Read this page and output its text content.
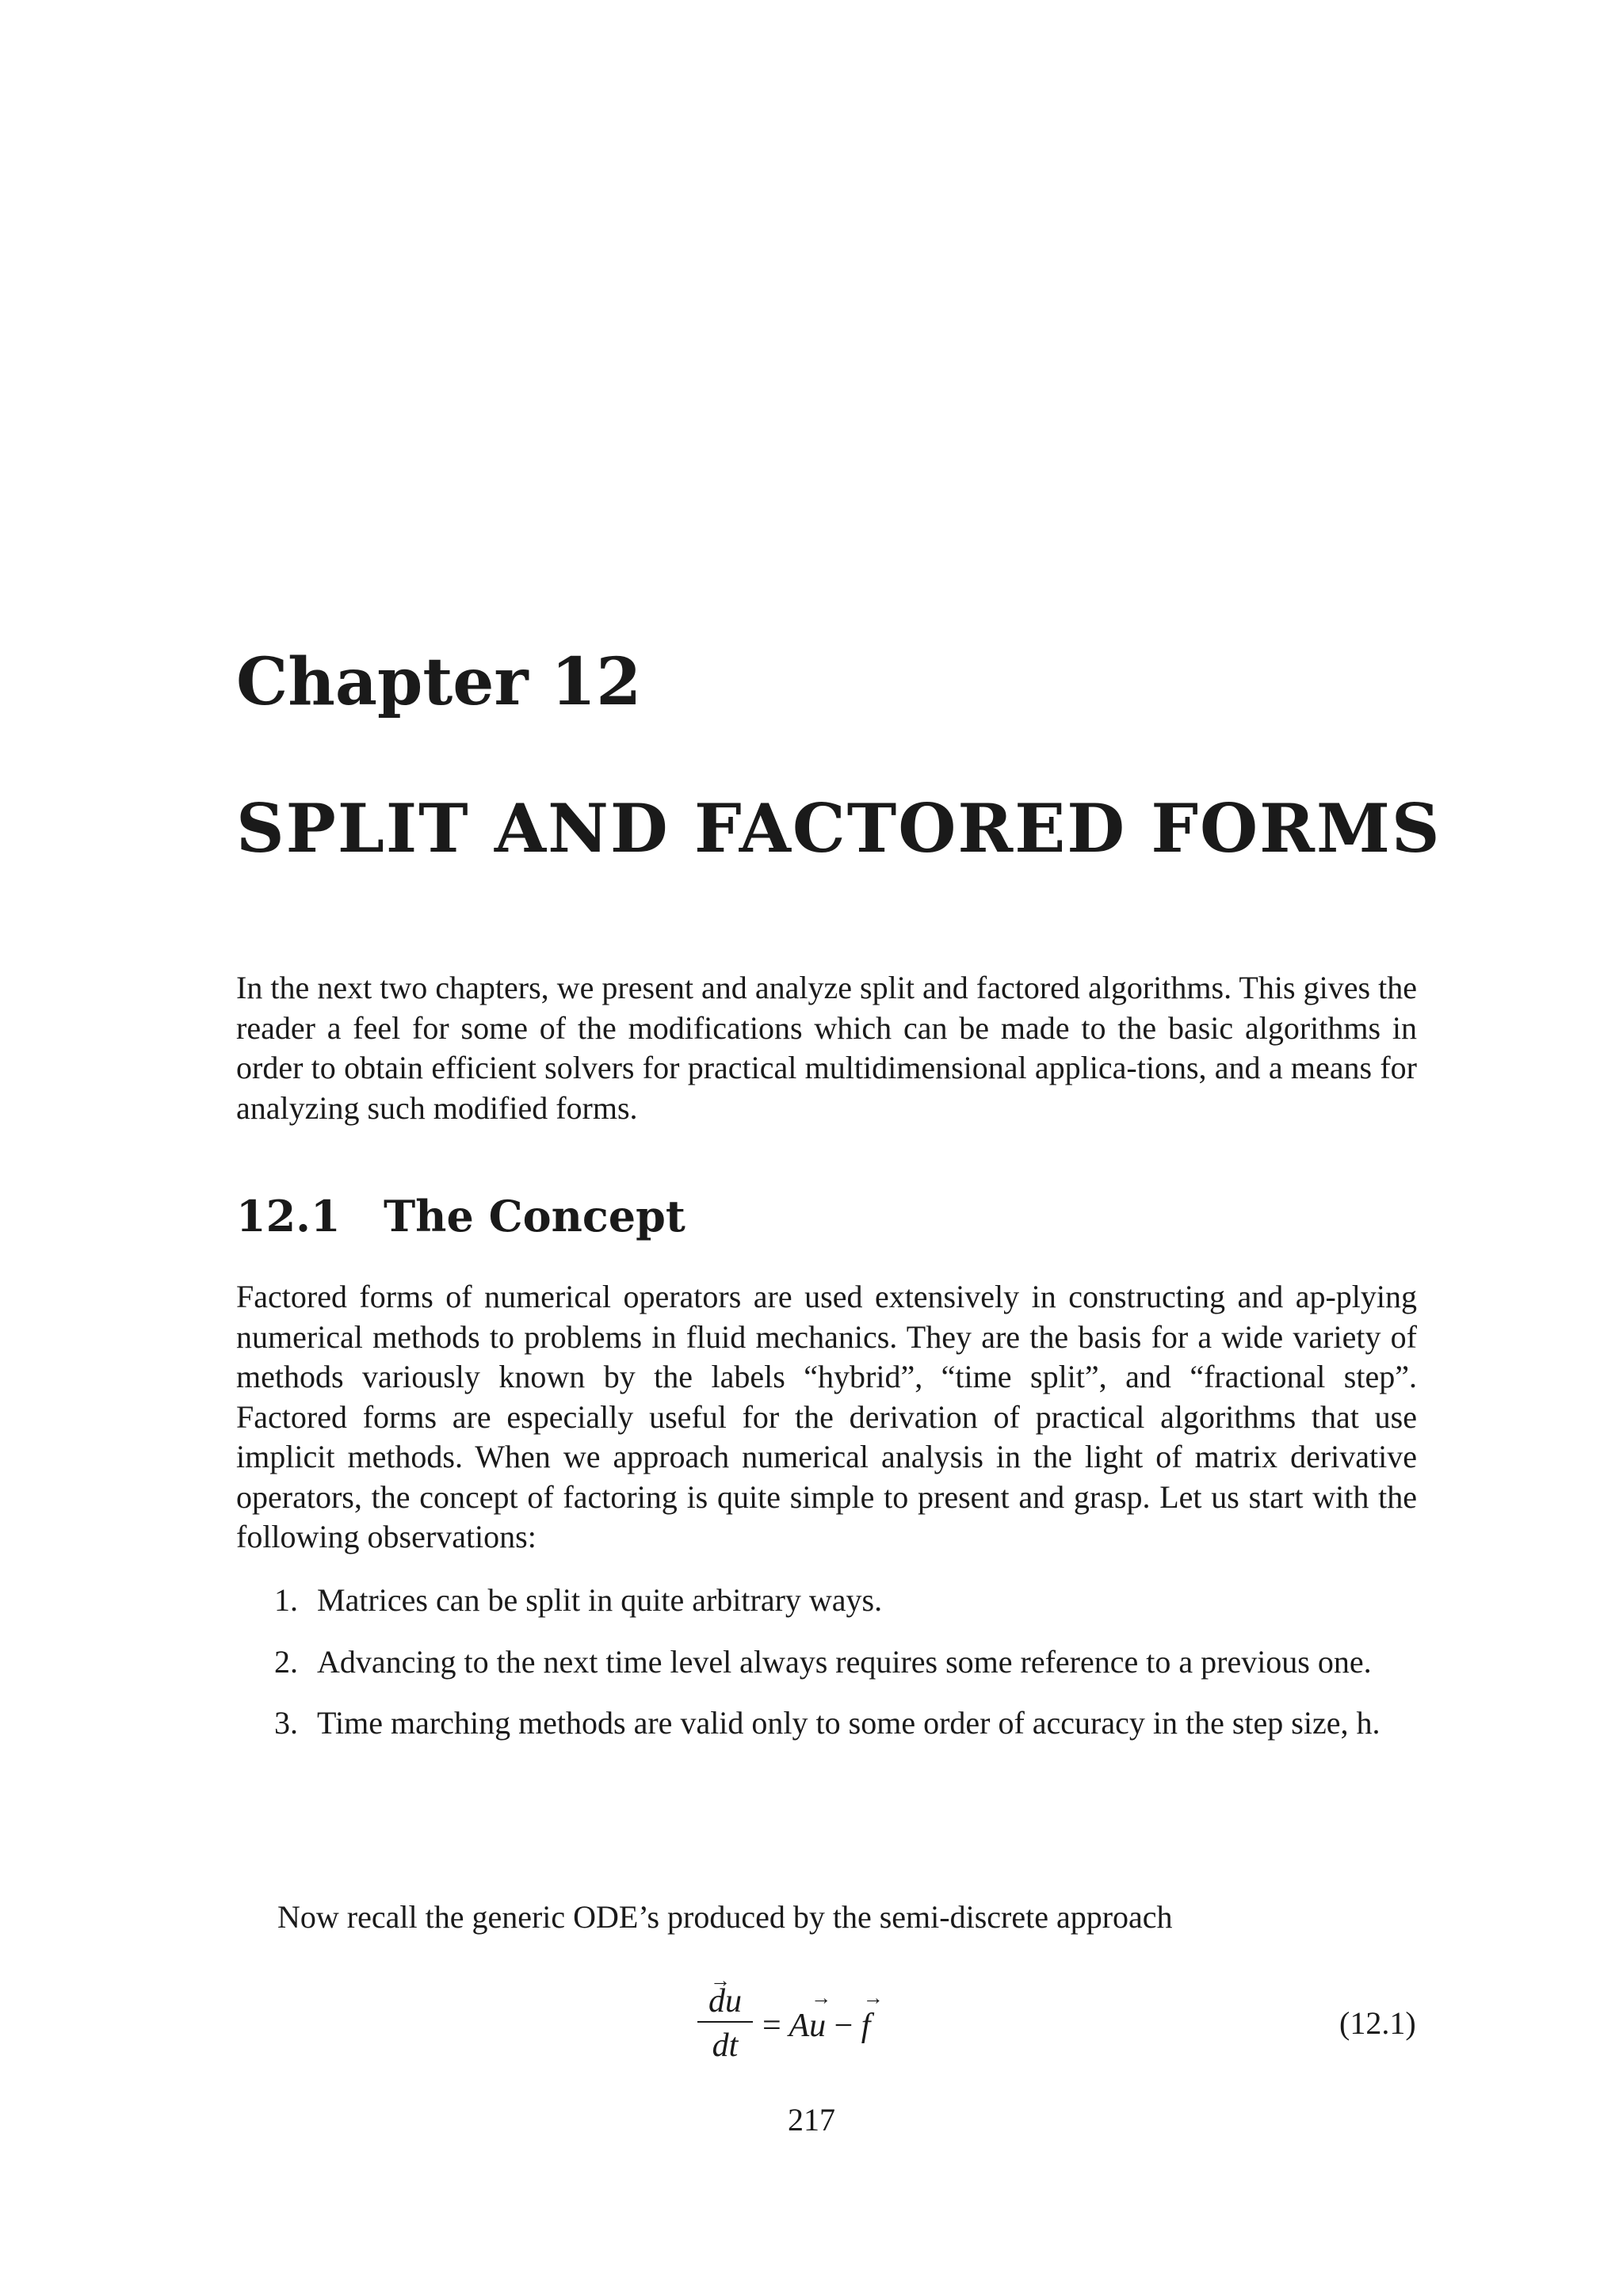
Chapter 12
SPLIT AND FACTORED FORMS

In the next two chapters, we present and analyze split and factored algorithms. This gives the reader a feel for some of the modifications which can be made to the basic algorithms in order to obtain efficient solvers for practical multidimensional applica-tions, and a means for analyzing such modified forms.

12.1 The Concept

Factored forms of numerical operators are used extensively in constructing and ap-plying numerical methods to problems in fluid mechanics. They are the basis for a wide variety of methods variously known by the labels “hybrid”, “time split”, and “fractional step”. Factored forms are especially useful for the derivation of practical algorithms that use implicit methods. When we approach numerical analysis in the light of matrix derivative operators, the concept of factoring is quite simple to present and grasp. Let us start with the following observations:

1. Matrices can be split in quite arbitrary ways.
2. Advancing to the next time level always requires some reference to a previous one.
3. Time marching methods are valid only to some order of accuracy in the step size, h.
Now recall the generic ODE’s produced by the semi-discrete approach
→ du
dt
= A→ u − → f	(12.1)
217
